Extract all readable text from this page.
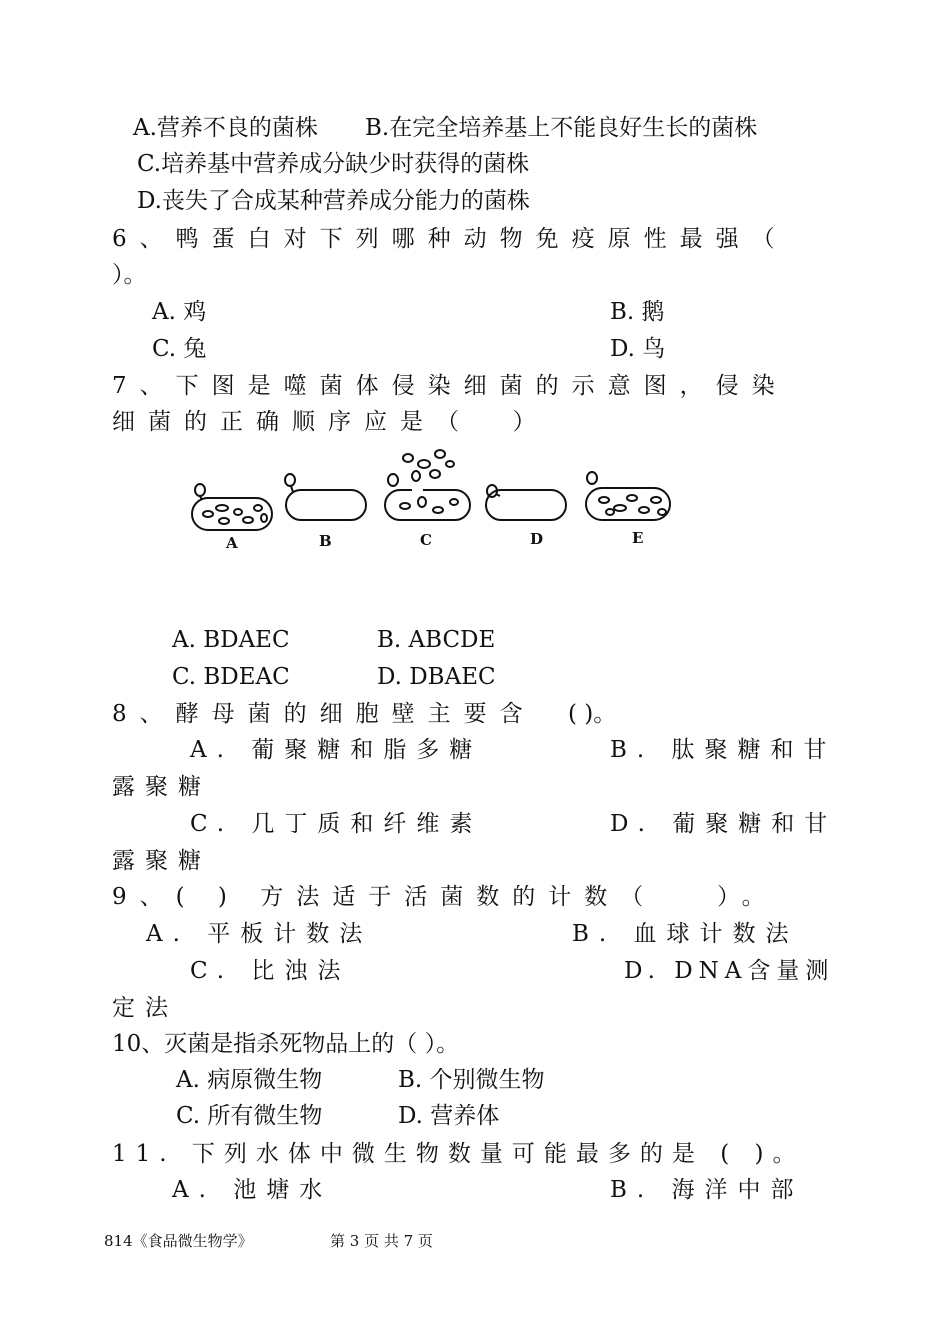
A.营养不良的菌株 B.在完全培养基上不能良好生长的菌株
C.培养基中营养成分缺少时获得的菌株
D.丧失了合成某种营养成分能力的菌株
6、鸭蛋白对下列哪种动物免疫原性最强（
）。
A. 鸡	B. 鹅
C. 兔	D. 鸟
7、下图是噬菌体侵染细菌的示意图，侵染
细菌的正确顺序应是（  ）
A	B	C	D	E
A. BDAEC	B. ABCDE
C. BDEAC	D. DBAEC
8、酵母菌的细胞壁主要含 ( )。
A. 葡聚糖和脂多糖	B. 肽聚糖和甘
露聚糖
C. 几丁质和纤维素	D. 葡聚糖和甘
露聚糖
9、( ) 方法适于活菌数的计数（   ）。
A. 平板计数法	B. 血球计数法
C. 比浊法	D. DNA含量测
定法
10、灭菌是指杀死物品上的（ ）。
A. 病原微生物	B. 个别微生物
C. 所有微生物	D. 营养体
11. 下列水体中微生物数量可能最多的是 ( )。
A. 池塘水	B. 海洋中部
814《食品微生物学》	第 3 页 共 7 页
